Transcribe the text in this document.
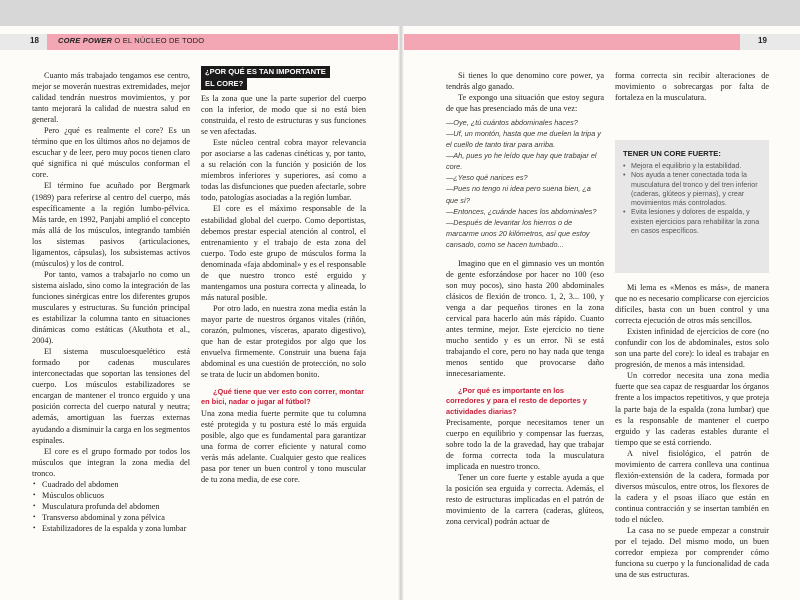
18	CORE POWER O EL NÚCLEO DE TODO	19

Cuanto más trabajado tengamos ese centro, mejor se moverán nuestras extremidades, mejor calidad tendrán nuestros movimientos, y por tanto mejorará la calidad de nuestra salud en general.

Pero ¿qué es realmente el core? Es un término que en los últimos años no dejamos de escuchar y de leer, pero muy pocos tienen claro qué significa ni qué músculos conforman el core.

El término fue acuñado por Bergmark (1989) para referirse al centro del cuerpo, más específicamente a la región lumbo-pélvica. Más tarde, en 1992, Panjabi amplió el concepto más allá de los músculos, integrando también los sistemas pasivos (articulaciones, ligamentos, cápsulas), los subsistemas activos (músculos) y los de control.

Por tanto, vamos a trabajarlo no como un sistema aislado, sino como la integración de las funciones sinérgicas entre los diferentes grupos musculares y estructuras. Su función principal es estabilizar la columna tanto en situaciones dinámicas como estáticas (Akuthota et al., 2004).

El sistema musculoesquelético está formado por cadenas musculares interconectadas que soportan las tensiones del cuerpo. Los músculos estabilizadores se encargan de mantener el tronco erguido y una posición correcta del cuerpo natural y neutra; además, amortiguan las fuerzas externas ayudando a disminuir la carga en los segmentos espinales.

El core es el grupo formado por todos los músculos que integran la zona media del tronco.

• Cuadrado del abdomen
• Músculos oblicuos
• Musculatura profunda del abdomen
• Transverso abdominal y zona pélvica
• Estabilizadores de la espalda y zona lumbar
¿POR QUÉ ES TAN IMPORTANTE
EL CORE?

Es la zona que une la parte superior del cuerpo con la inferior, de modo que si no está bien construida, el resto de estructuras y sus funciones se ven afectadas.

Este núcleo central cobra mayor relevancia por asociarse a las cadenas cinéticas y, por tanto, a su relación con la función y posición de los miembros inferiores y superiores, así como a todas las disfunciones que pueden afectarle, sobre todo, patologías asociadas a la región lumbar.

El core es el máximo responsable de la estabilidad global del cuerpo. Como deportistas, debemos prestar especial atención al control, el entrenamiento y el trabajo de esta zona del cuerpo. Todo este grupo de músculos forma la denominada «faja abdominal» y es el responsable de que nuestro tronco esté erguido y mantengamos una postura correcta y alineada, lo más natural posible.

Por otro lado, en nuestra zona media están la mayor parte de nuestros órganos vitales (riñón, corazón, pulmones, vísceras, aparato digestivo), que han de estar protegidos por algo que los envuelva firmemente. Construir una buena faja abdominal es una cuestión de protección, no solo se trata de lucir un abdomen bonito.

¿Qué tiene que ver esto con correr, montar en bici, nadar o jugar al fútbol?

Una zona media fuerte permite que tu columna esté protegida y tu postura esté lo más erguida posible, algo que es fundamental para garantizar una forma de correr eficiente y natural como verás más adelante. Cualquier gesto que realices pasa por tener un buen control y tono muscular de tu zona media, de ese core.

Si tienes lo que denomino core power, ya tendrás algo ganado.

Te expongo una situación que estoy segura de que has presenciado más de una vez:

—Oye, ¿tú cuántos abdominales haces?

—Uf, un montón, hasta que me duelen la tripa y el cuello de tanto tirar para arriba.

—Ah, pues yo he leído que hay que trabajar el core.

—¿Yeso qué narices es?

—Pues no tengo ni idea pero suena bien, ¿a que sí?

—Entonces, ¿cuánde haces los abdominales?

—Después de levantar los hierros o de marcarme unos 20 kilómetros, así que estoy cansado, como se hacen tumbado...

Imagino que en el gimnasio ves un montón de gente esforzándose por hacer no 100 (eso son muy pocos), sino hasta 200 abdominales clásicos de flexión de tronco. 1, 2, 3... 100, y venga a dar pequeños tirones en la zona cervical para hacerlo aún más rápido. Cuanto antes termine, mejor. Este ejercicio no tiene mucho sentido y es un error. Ni se está trabajando el core, pero no hay nada que tenga menos sentido que provocarse daño innecesariamente.

¿Por qué es importante en los corredores y para el resto de deportes y actividades diarias?

Precisamente, porque necesitamos tener un cuerpo en equilibrio y compensar las fuerzas, sobre todo la de la gravedad, hay que trabajar de forma correcta toda la musculatura implicada en nuestro tronco.

Tener un core fuerte y estable ayuda a que la posición sea erguida y correcta. Además, el resto de estructuras implicadas en el patrón de movimiento de la carrera (caderas, glúteos, zona cervical) podrán actuar de

forma correcta sin recibir alteraciones de movimiento o sobrecargas por falta de fortaleza en la musculatura.

TENER UN CORE FUERTE:
• Mejora el equilibrio y la estabilidad.
• Nos ayuda a tener conectada toda la musculatura del tronco y del tren inferior (caderas, glúteos y piernas), y crear movimientos más controlados.
• Evita lesiones y dolores de espalda, y existen ejercicios para rehabilitar la zona en casos específicos.

Mi lema es «Menos es más», de manera que no es necesario complicarse con ejercicios difíciles, basta con un buen control y una correcta ejecución de otros más sencillos.

Existen infinidad de ejercicios de core (no confundir con los de abdominales, estos solo son una parte del core): lo ideal es trabajar en progresión, de menos a más intensidad.

Un corredor necesita una zona media fuerte que sea capaz de resguardar los órganos frente a los impactos repetitivos, y que proteja la parte baja de la espalda (zona lumbar) que es la responsable de mantener el cuerpo erguido y las caderas estables durante el tiempo que se está corriendo.

A nivel fisiológico, el patrón de movimiento de carrera conlleva una continua flexión-extensión de la cadera, formada por diversos músculos, entre otros, los flexores de la cadera y el psoas ilíaco que están en continua contracción y se insertan también en todo el núcleo.

La casa no se puede empezar a construir por el tejado. Del mismo modo, un buen corredor empieza por comprender cómo funciona su cuerpo y la funcionalidad de cada una de sus estructuras.
